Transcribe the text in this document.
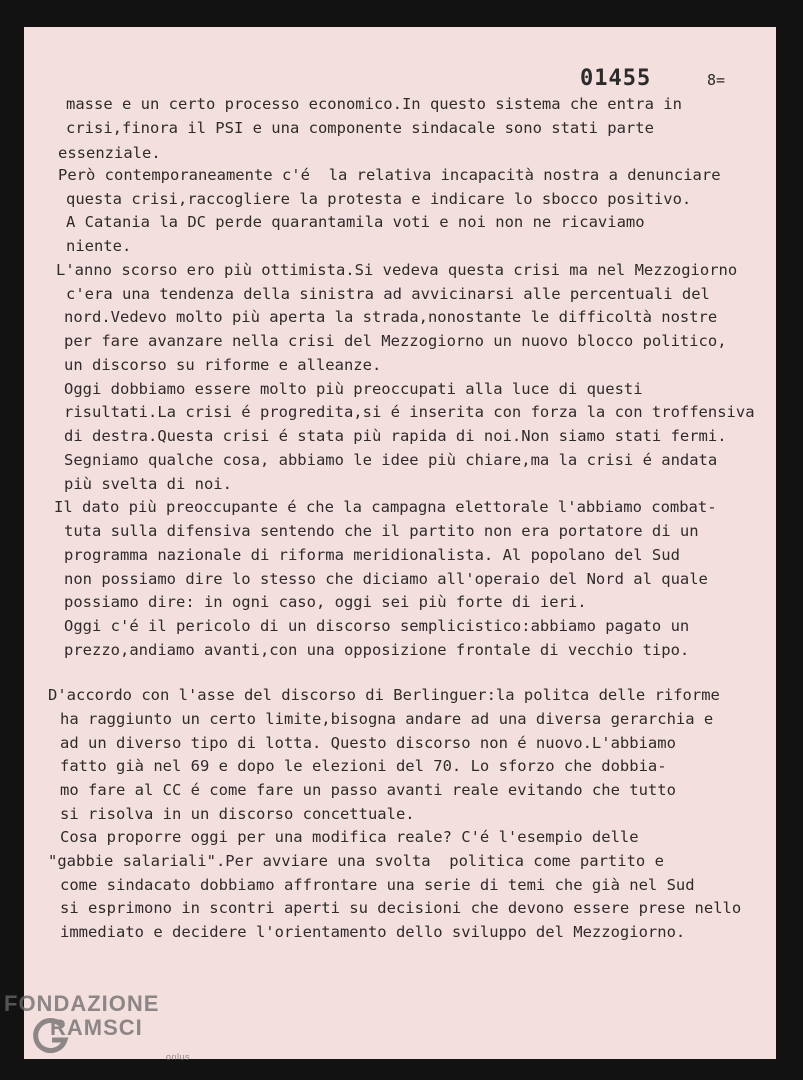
01455	8=
masse e un certo processo economico.In questo sistema che entra in
crisi,finora il PSI e una componente sindacale sono stati parte
essenziale.
Però contemporaneamente c'é  la relativa incapacità nostra a denunciare
questa crisi,raccogliere la protesta e indicare lo sbocco positivo.
A Catania la DC perde quarantamila voti e noi non ne ricaviamo
niente.
L'anno scorso ero più ottimista.Si vedeva questa crisi ma nel Mezzogiorno
c'era una tendenza della sinistra ad avvicinarsi alle percentuali del
nord.Vedevo molto più aperta la strada,nonostante le difficoltà nostre
per fare avanzare nella crisi del Mezzogiorno un nuovo blocco politico,
un discorso su riforme e alleanze.
Oggi dobbiamo essere molto più preoccupati alla luce di questi
risultati.La crisi é progredita,si é inserita con forza la con troffensiva
di destra.Questa crisi é stata più rapida di noi.Non siamo stati fermi.
Segniamo qualche cosa, abbiamo le idee più chiare,ma la crisi é andata
più svelta di noi.
Il dato più preoccupante é che la campagna elettorale l'abbiamo combat-
tuta sulla difensiva sentendo che il partito non era portatore di un
programma nazionale di riforma meridionalista. Al popolano del Sud
non possiamo dire lo stesso che diciamo all'operaio del Nord al quale
possiamo dire: in ogni caso, oggi sei più forte di ieri.
Oggi c'é il pericolo di un discorso semplicistico:abbiamo pagato un
prezzo,andiamo avanti,con una opposizione frontale di vecchio tipo.
D'accordo con l'asse del discorso di Berlinguer:la politca delle riforme
ha raggiunto un certo limite,bisogna andare ad una diversa gerarchia e
ad un diverso tipo di lotta. Questo discorso non é nuovo.L'abbiamo
fatto già nel 69 e dopo le elezioni del 70. Lo sforzo che dobbia-
mo fare al CC é come fare un passo avanti reale evitando che tutto
si risolva in un discorso concettuale.
Cosa proporre oggi per una modifica reale? C'é l'esempio delle
"gabbie salariali".Per avviare una svolta  politica come partito e
come sindacato dobbiamo affrontare una serie di temi che già nel Sud
si esprimono in scontri aperti su decisioni che devono essere prese nello
immediato e decidere l'orientamento dello sviluppo del Mezzogiorno.
FONDAZIONE
RAMSCI
onlus
